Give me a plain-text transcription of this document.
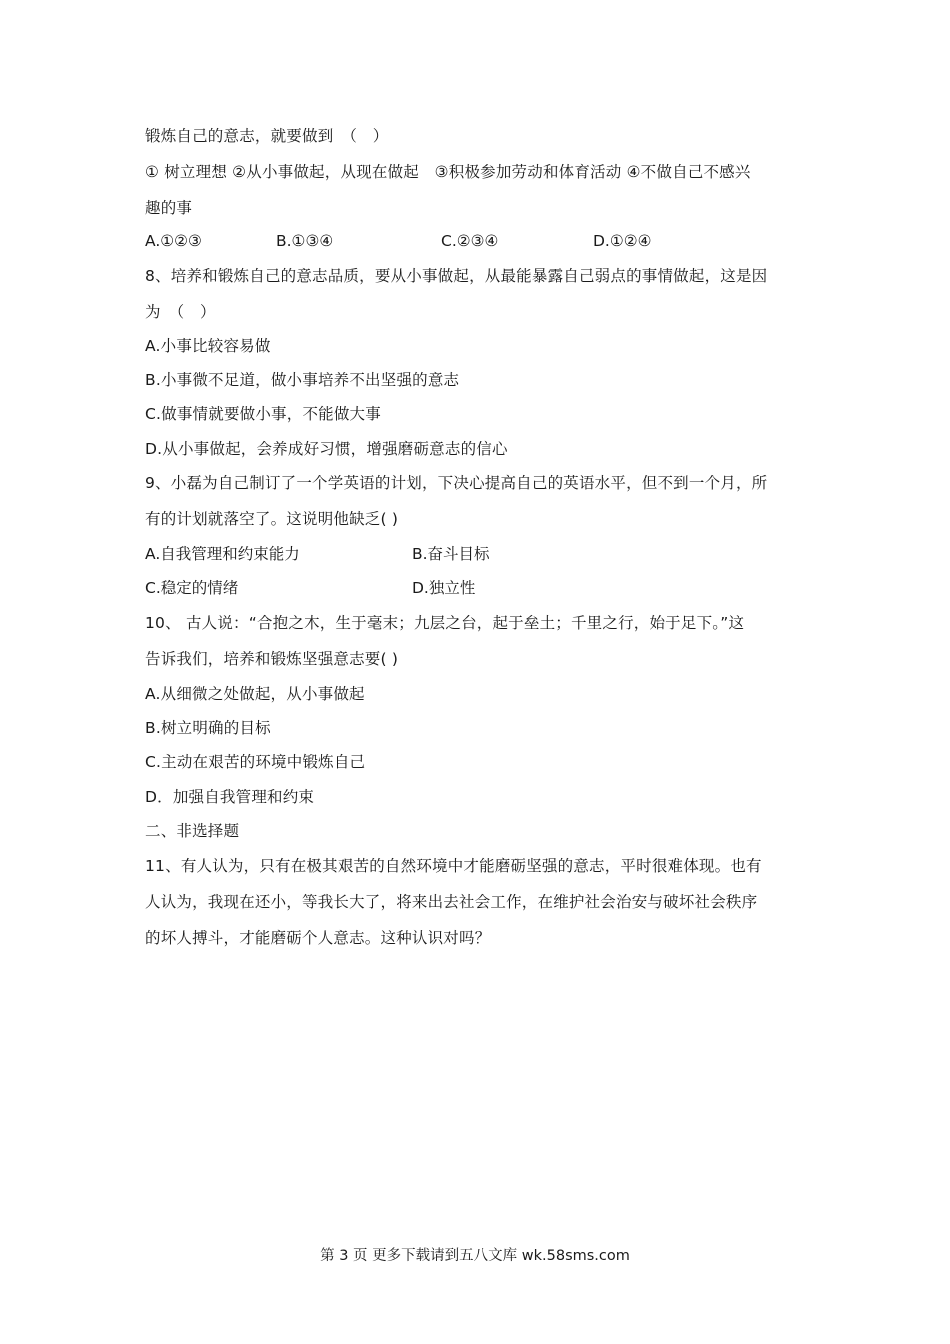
锻炼自己的意志，就要做到　（　）
① 树立理想 ②从小事做起，从现在做起　③积极参加劳动和体育活动 ④不做自己不感兴
趣的事
A.①②③	B.①③④	C.②③④	D.①②④
8、培养和锻炼自己的意志品质，要从小事做起，从最能暴露自己弱点的事情做起，这是因
为　（　）
A.小事比较容易做
B.小事微不足道，做小事培养不出坚强的意志
C.做事情就要做小事，不能做大事
D.从小事做起，会养成好习惯，增强磨砺意志的信心
9、小磊为自己制订了一个学英语的计划，下决心提高自己的英语水平，但不到一个月，所
有的计划就落空了。这说明他缺乏( )
A.自我管理和约束能力	B.奋斗目标
C.稳定的情绪	D.独立性
10、 古人说：“合抱之木，生于毫末；九层之台，起于垒土；千里之行，始于足下。”这
告诉我们，培养和锻炼坚强意志要( )
A.从细微之处做起，从小事做起
B.树立明确的目标
C.主动在艰苦的环境中锻炼自己
D．加强自我管理和约束
二、非选择题
11、有人认为，只有在极其艰苦的自然环境中才能磨砺坚强的意志，平时很难体现。也有
人认为，我现在还小，等我长大了，将来出去社会工作，在维护社会治安与破坏社会秩序
的坏人搏斗，才能磨砺个人意志。这种认识对吗？
第 3 页 更多下载请到五八文库 wk.58sms.com
